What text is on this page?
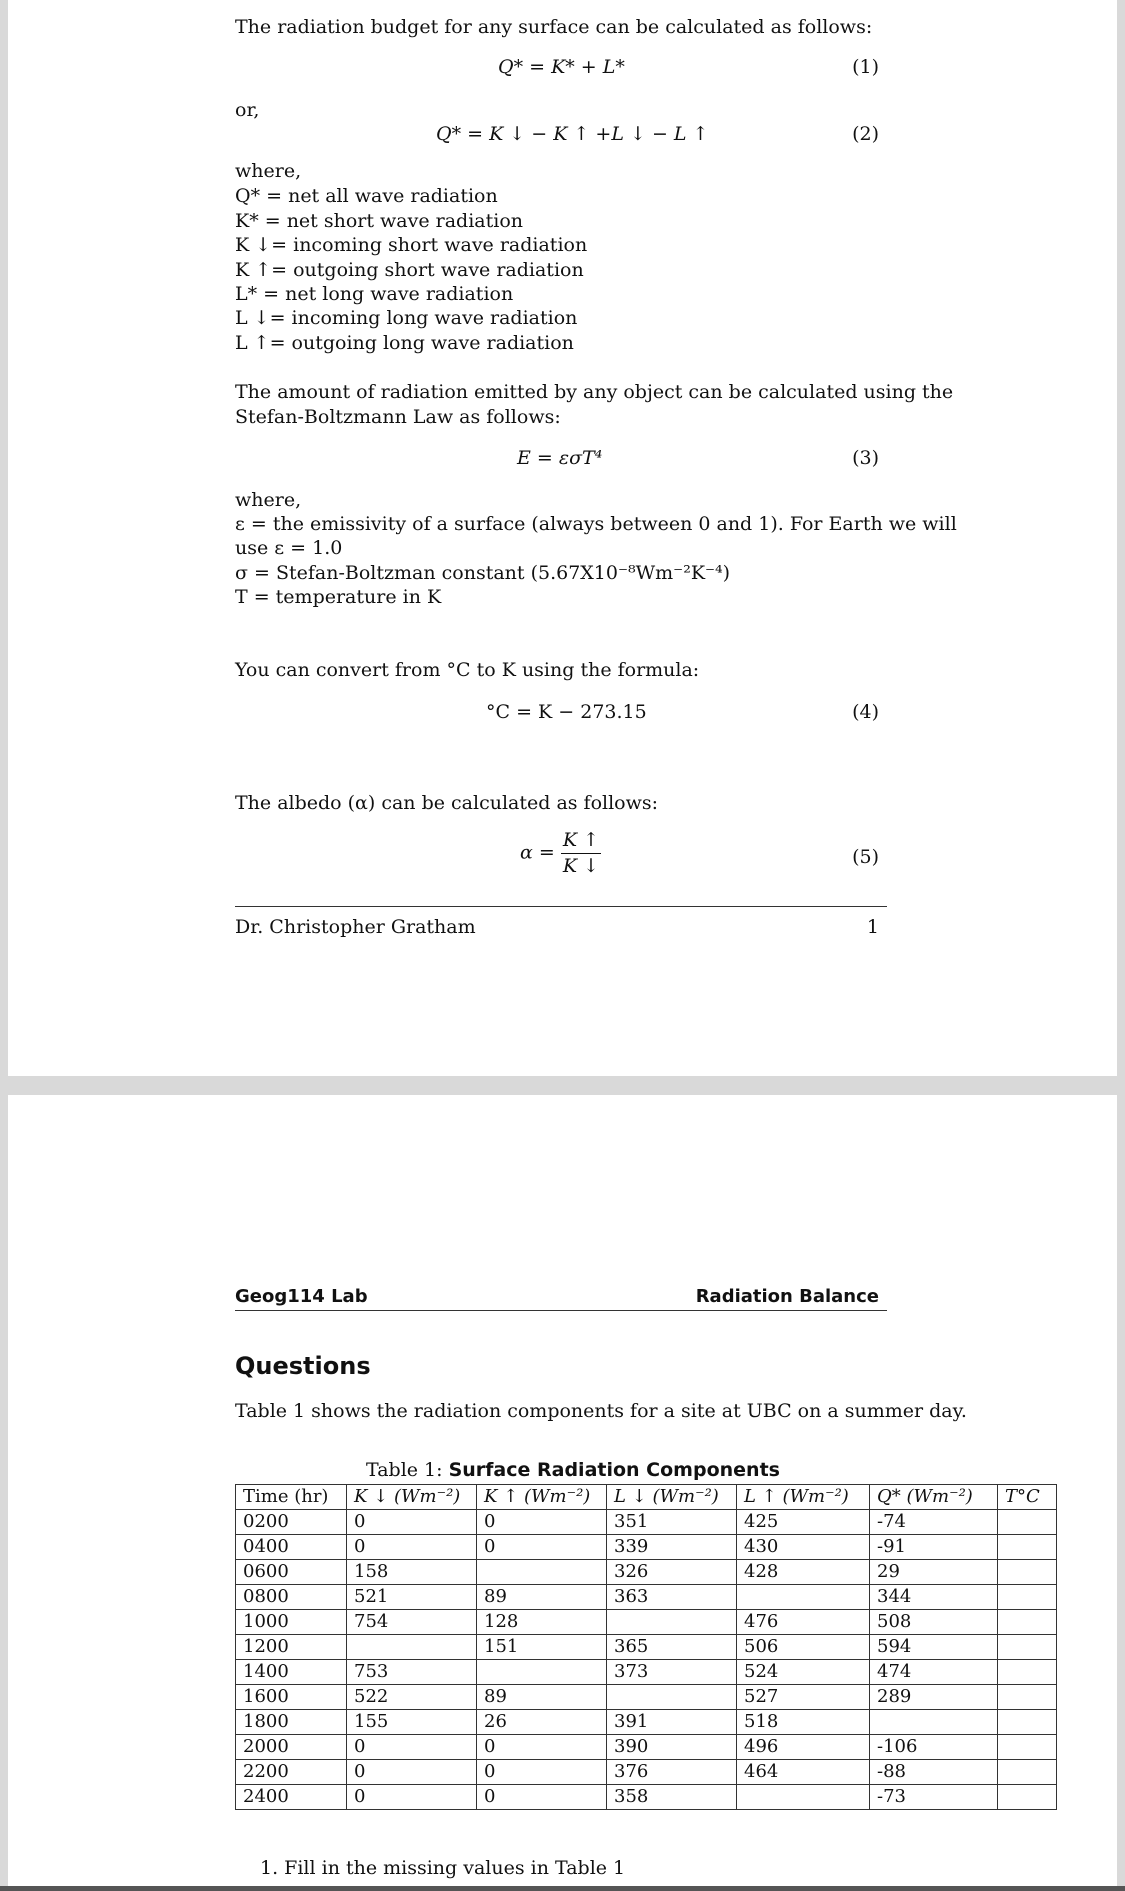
The radiation budget for any surface can be calculated as follows:
Q* = K* + L*	(1)
or,
Q* = K ↓ − K ↑ +L ↓ − L ↑	(2)
where,
Q* = net all wave radiation
K* = net short wave radiation
K ↓= incoming short wave radiation
K ↑= outgoing short wave radiation
L* = net long wave radiation
L ↓= incoming long wave radiation
L ↑= outgoing long wave radiation
The amount of radiation emitted by any object can be calculated using the
Stefan-Boltzmann Law as follows:
E = εσT⁴	(3)
where,
ε = the emissivity of a surface (always between 0 and 1). For Earth we will
use ε = 1.0
σ = Stefan-Boltzman constant (5.67X10⁻⁸Wm⁻²K⁻⁴)
T = temperature in K
You can convert from °C to K using the formula:
°C = K − 273.15	(4)
The albedo (α) can be calculated as follows:
$\alpha = \frac{K ↑}{K ↓}$	(5)
Dr. Christopher Gratham	1
Geog114 Lab	Radiation Balance
Questions
Table 1 shows the radiation components for a site at UBC on a summer day.
Table 1: Surface Radiation Components
Time (hr)	K ↓ (Wm⁻²)	K ↑ (Wm⁻²)	L ↓ (Wm⁻²)	L ↑ (Wm⁻²)	Q* (Wm⁻²)	T°C
0200	0	0	351	425	-74	
0400	0	0	339	430	-91	
0600	158		326	428	29	
0800	521	89	363		344	
1000	754	128		476	508	
1200		151	365	506	594	
1400	753		373	524	474	
1600	522	89		527	289	
1800	155	26	391	518		
2000	0	0	390	496	-106	
2200	0	0	376	464	-88	
2400	0	0	358		-73	
1. Fill in the missing values in Table 1
